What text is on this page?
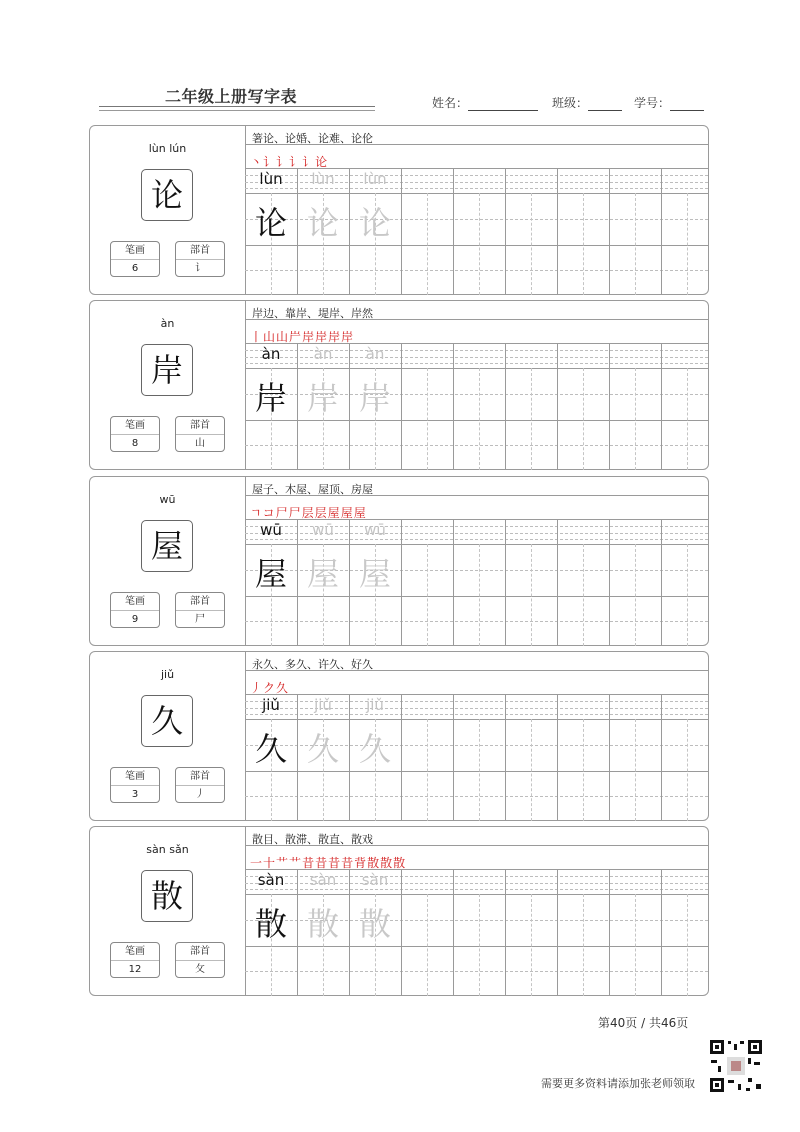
二年级上册写字表	姓名：	班级：	学号：
lùn lún
论
笔画
6
部首
讠
箸论、论婚、论难、论伦
丶讠讠讠讠论
lùn
论
lùn
论
lùn
论
àn
岸
笔画
8
部首
山
岸边、靠岸、堤岸、岸然
丨山山屵岸岸岸岸
àn
岸
àn
岸
àn
岸
wū
屋
笔画
9
部首
尸
屋子、木屋、屋顶、房屋
ㄱコ尸尸层层屋屋屋
wū
屋
wū
屋
wū
屋
jiǔ
久
笔画
3
部首
丿
永久、多久、许久、好久
丿ク久
jiǔ
久
jiǔ
久
jiǔ
久
sàn sǎn
散
笔画
12
部首
攵
散目、散滞、散直、散戏
一十艹艹昔昔昔昔背散散散
sàn
散
sàn
散
sàn
散
第40页 / 共46页
需要更多资料请添加张老师领取
